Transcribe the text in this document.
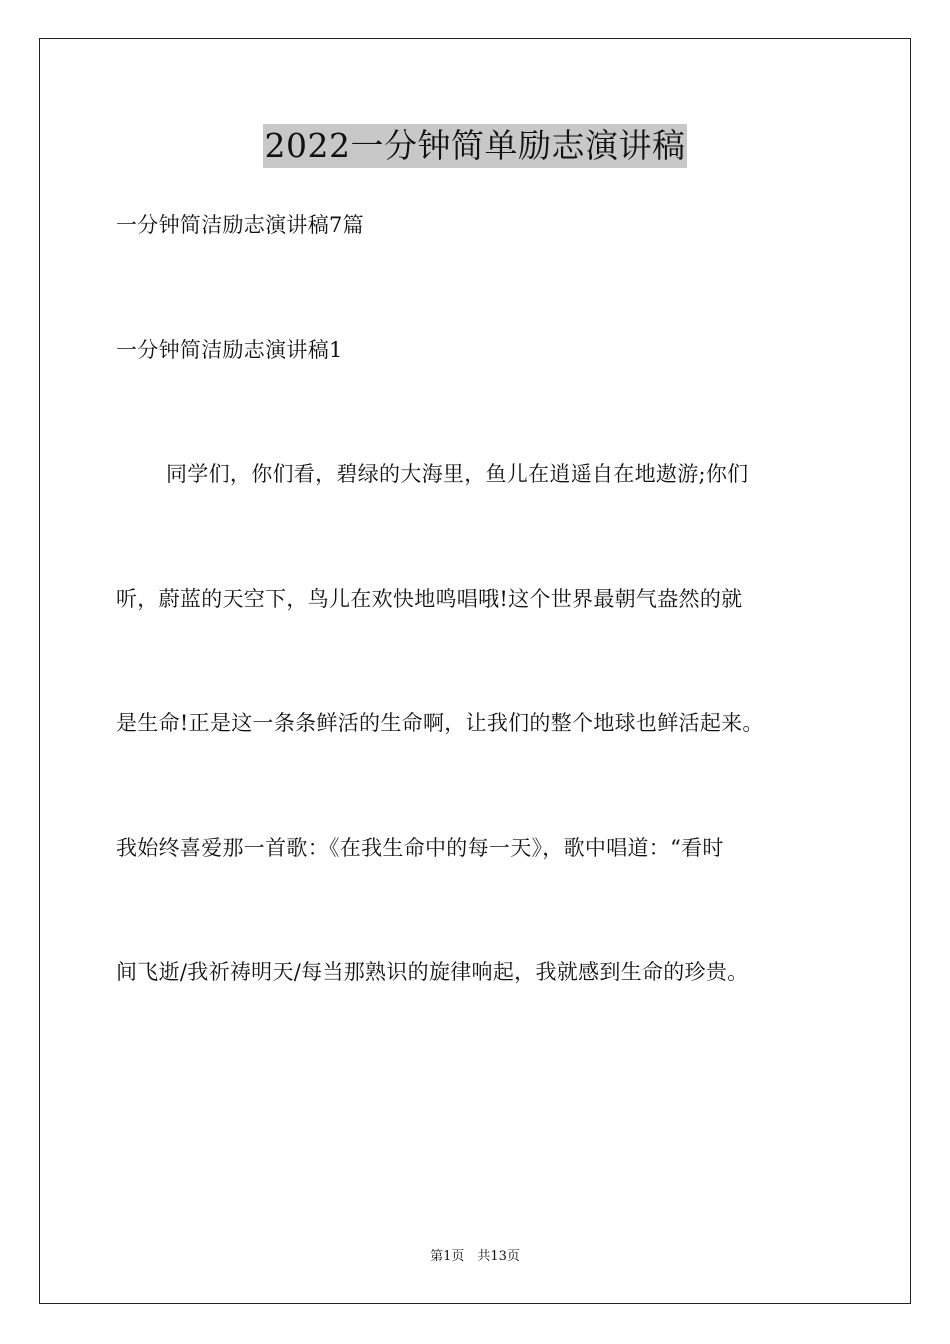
2022一分钟简单励志演讲稿
一分钟简洁励志演讲稿7篇
一分钟简洁励志演讲稿1
同学们，你们看，碧绿的大海里，鱼儿在逍遥自在地遨游;你们
听，蔚蓝的天空下，鸟儿在欢快地鸣唱哦!这个世界最朝气盎然的就
是生命!正是这一条条鲜活的生命啊，让我们的整个地球也鲜活起来。
我始终喜爱那一首歌：《在我生命中的每一天》，歌中唱道：“看时
间飞逝/我祈祷明天/每当那熟识的旋律响起，我就感到生命的珍贵。
第1页　共13页
